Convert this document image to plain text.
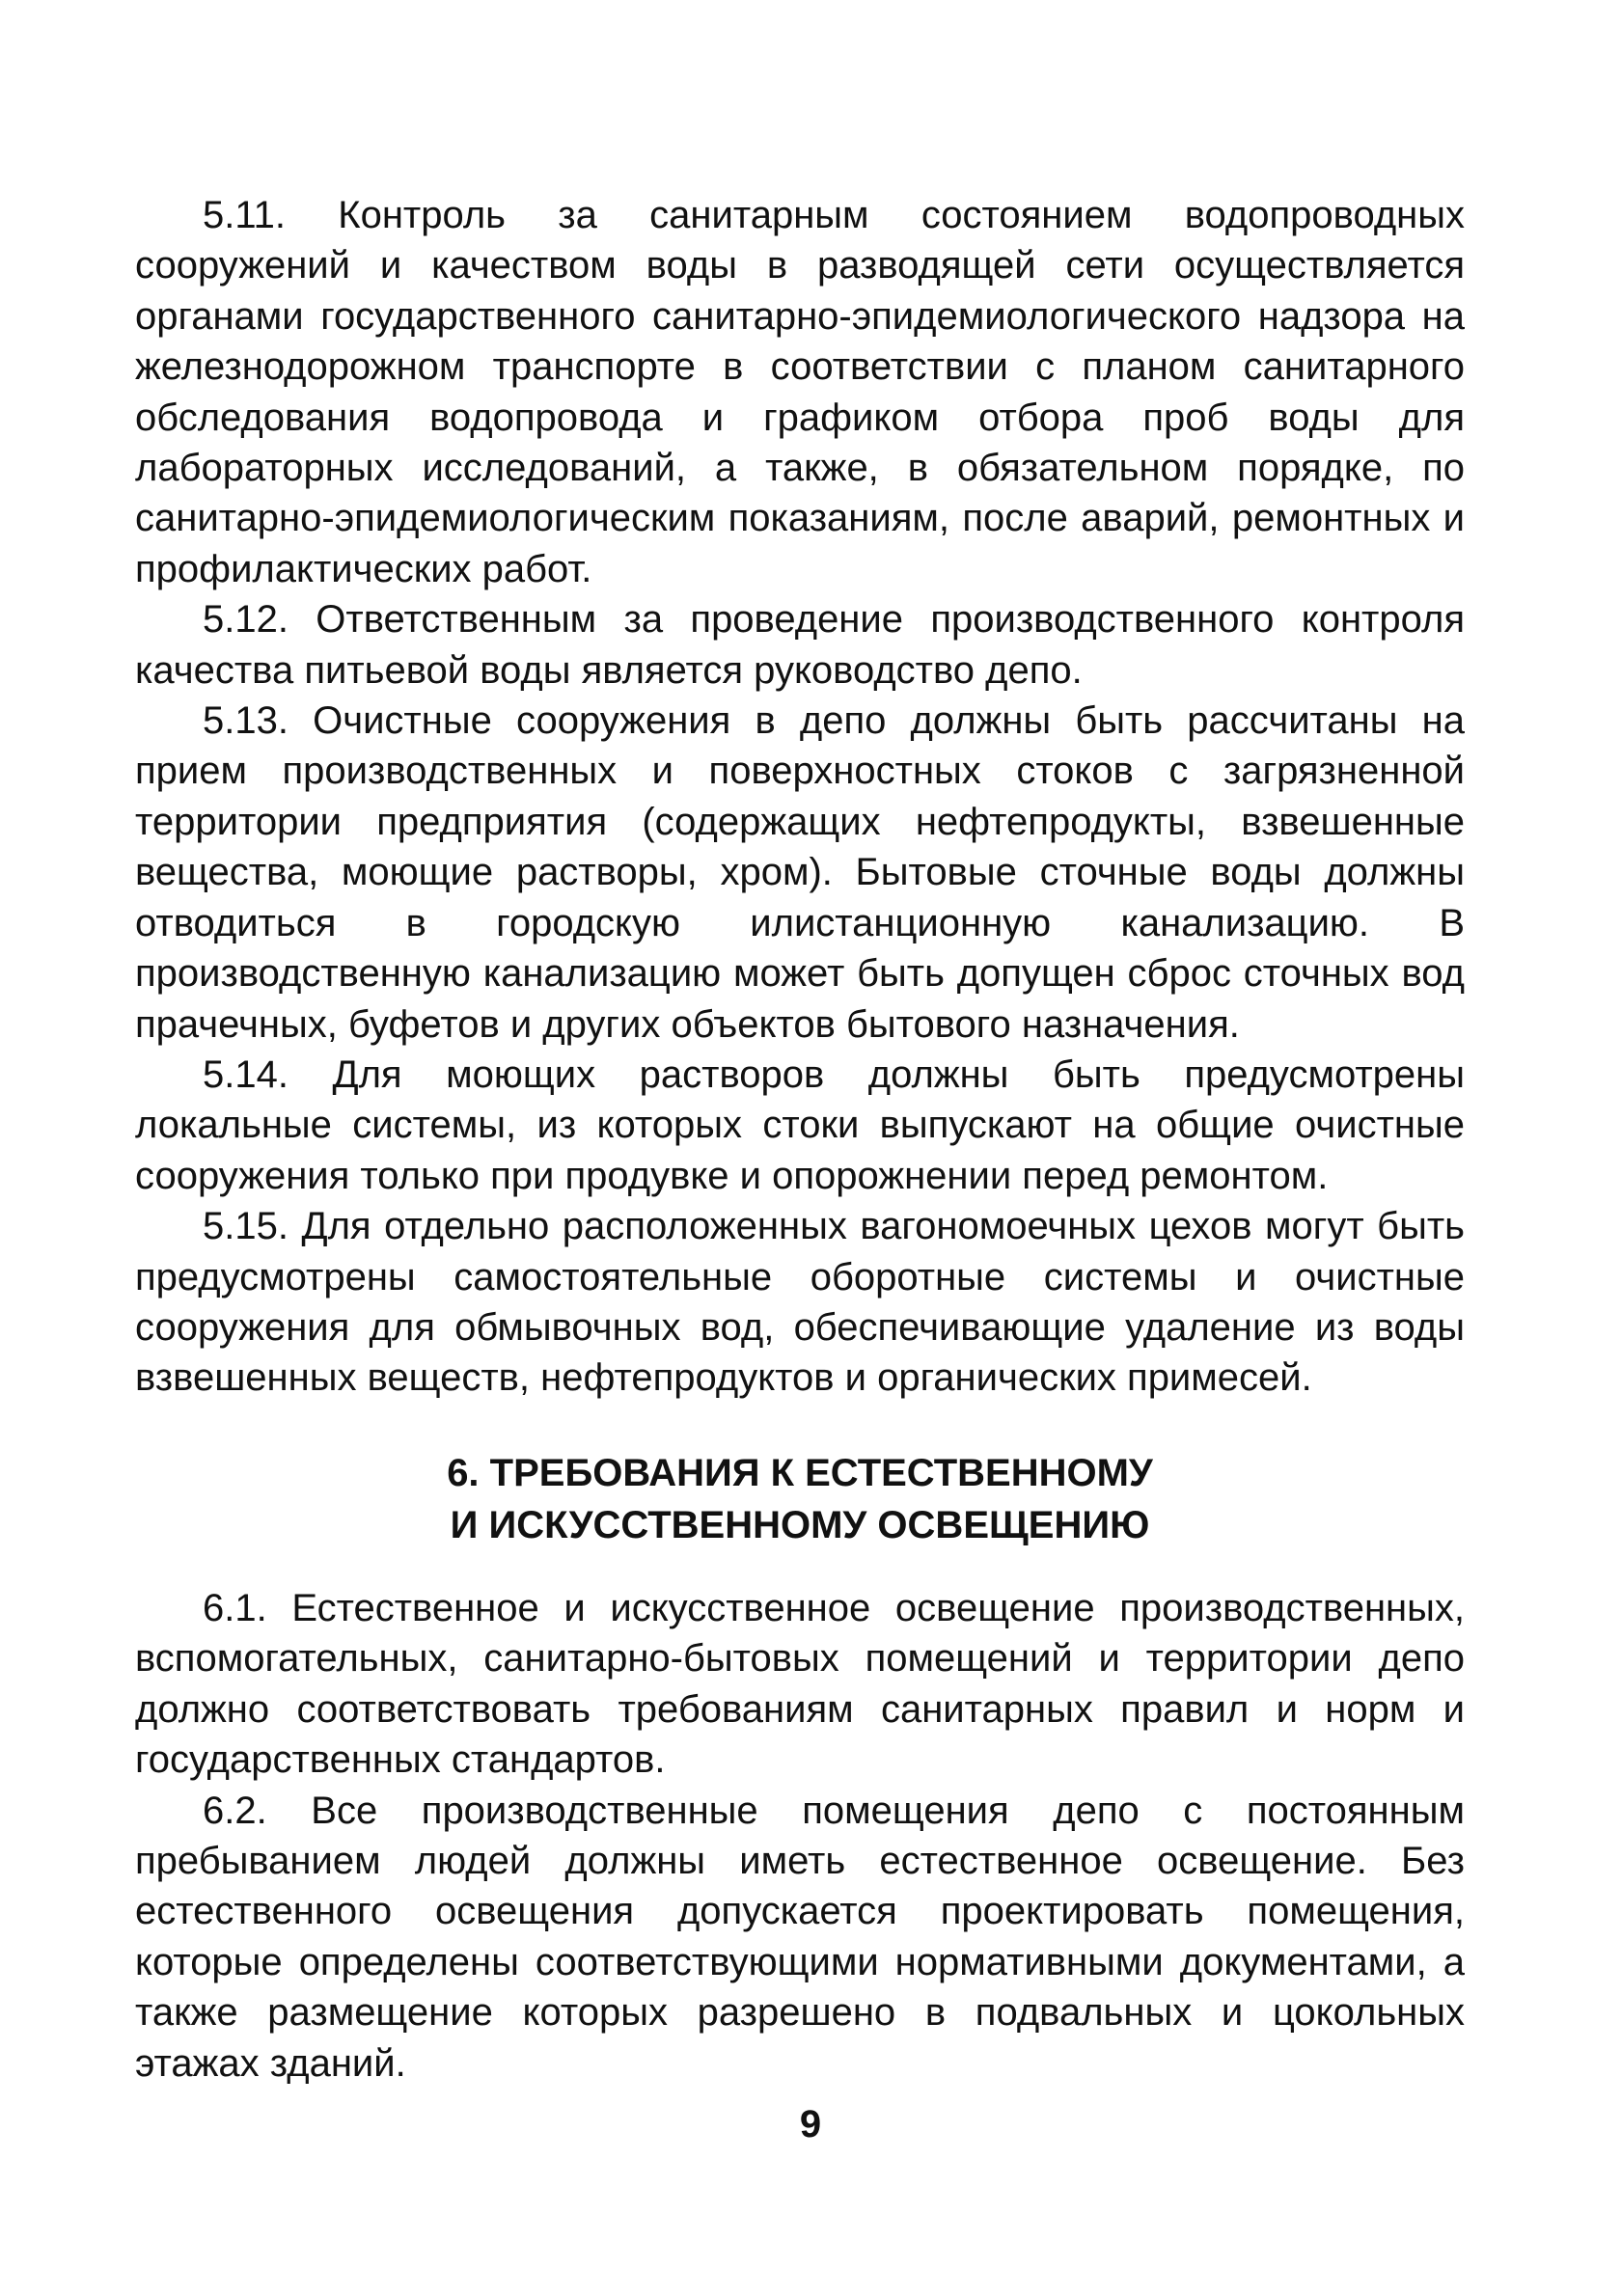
5.11. Контроль за санитарным состоянием водопроводных сооружений и качеством воды в разводящей сети осуществляется органами государственного санитарно-эпидемиологического надзора на железнодорожном транспорте в соответствии с планом санитарного обследования водопровода и графиком отбора проб воды для лабораторных исследований, а также, в обязательном порядке, по санитарно-эпидемиологическим показаниям, после аварий, ремонтных и профилактических работ.

5.12. Ответственным за проведение производственного контроля качества питьевой воды является руководство депо.

5.13. Очистные сооружения в депо должны быть рассчитаны на прием производственных и поверхностных стоков с загрязненной территории предприятия (содержащих нефтепродукты, взвешенные вещества, моющие растворы, хром). Бытовые сточные воды должны отводиться в городскую илистанционную канализацию. В производственную канализацию может быть допущен сброс сточных вод прачечных, буфетов и других объектов бытового назначения.

5.14. Для моющих растворов должны быть предусмотрены локальные системы, из которых стоки выпускают на общие очистные сооружения только при продувке и опорожнении перед ремонтом.

5.15. Для отдельно расположенных вагономоечных цехов могут быть предусмотрены самостоятельные оборотные системы и очистные сооружения для обмывочных вод, обеспечивающие удаление из воды взвешенных веществ, нефтепродуктов и органических примесей.

6. ТРЕБОВАНИЯ К ЕСТЕСТВЕННОМУ
И ИСКУССТВЕННОМУ ОСВЕЩЕНИЮ

6.1. Естественное и искусственное освещение производственных, вспомогательных, санитарно-бытовых помещений и территории депо должно соответствовать требованиям санитарных правил и норм и государственных стандартов.

6.2. Все производственные помещения депо с постоянным пребыванием людей должны иметь естественное освещение. Без естественного освещения допускается проектировать помещения, которые определены соответствующими нормативными документами, а также размещение которых разрешено в подвальных и цокольных этажах зданий.

9
